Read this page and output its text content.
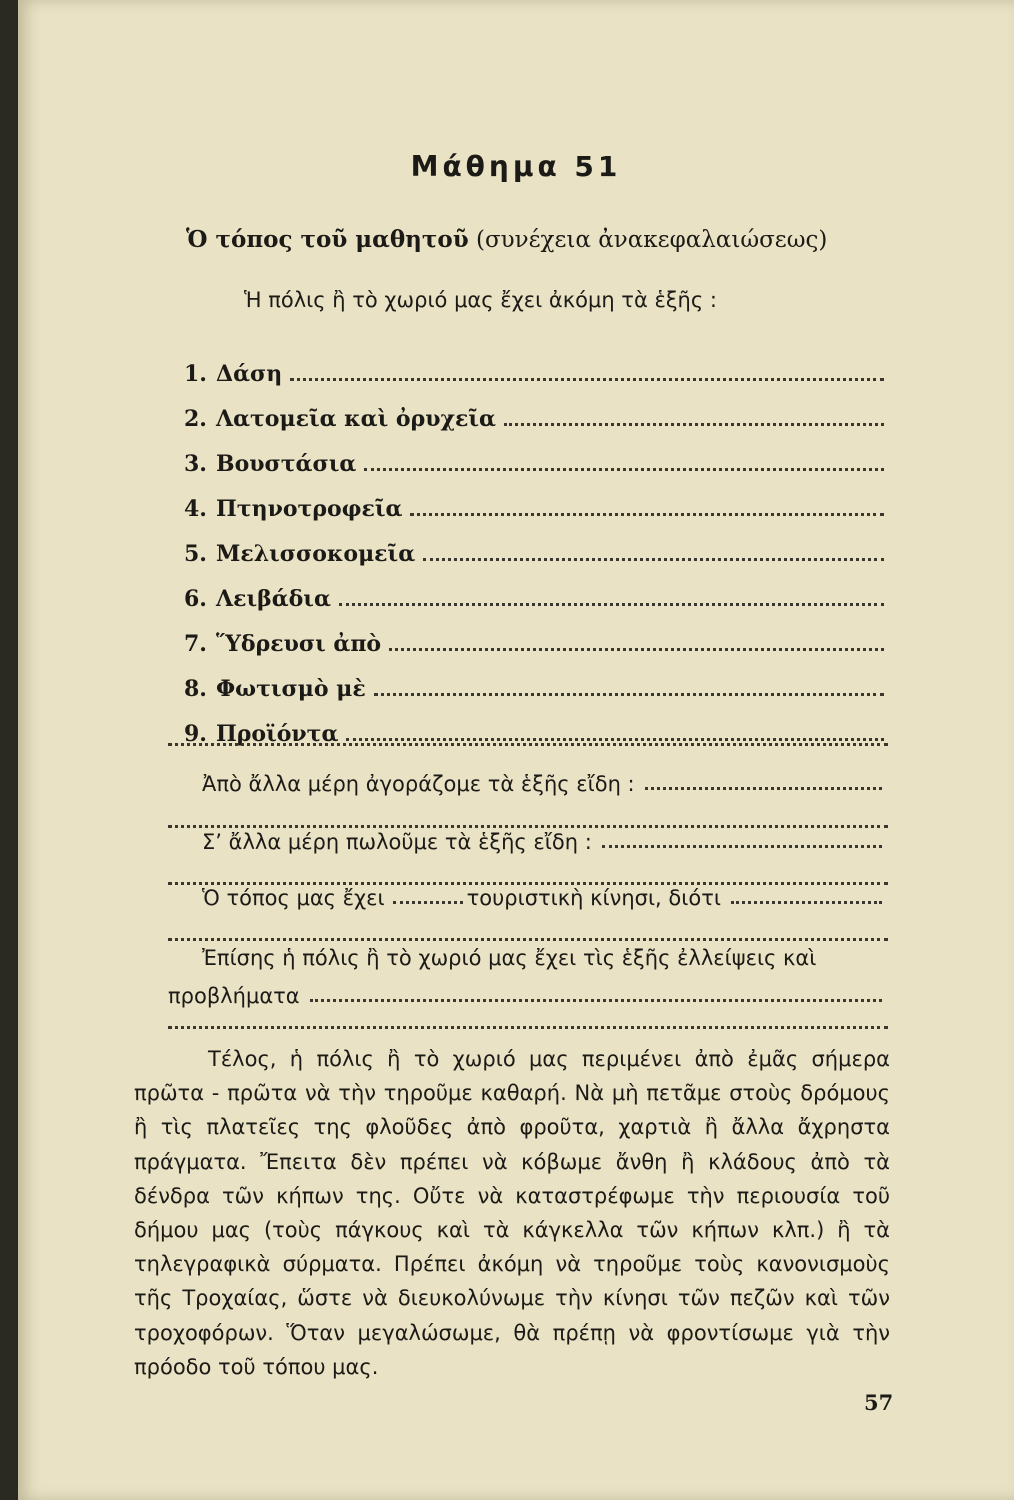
Μάθημα 51
Ὁ τόπος τοῦ μαθητοῦ (συνέχεια ἀνακεφαλαιώσεως)
Ἡ πόλις ἢ τὸ χωριό μας ἔχει ἀκόμη τὰ ἑξῆς :
1. Δάση
2. Λατομεῖα καὶ ὀρυχεῖα
3. Βουστάσια
4. Πτηνοτροφεῖα
5. Μελισσοκομεῖα
6. Λειβάδια
7. Ὕδρευσι ἀπὸ
8. Φωτισμὸ μὲ
9. Προϊόντα
Ἀπὸ ἄλλα μέρη ἀγοράζομε τὰ ἑξῆς εἴδη :
Σ’ ἄλλα μέρη πωλοῦμε τὰ ἑξῆς εἴδη :
Ὁ τόπος μας ἔχει	τουριστικὴ κίνησι, διότι
Ἐπίσης ἡ πόλις ἢ τὸ χωριό μας ἔχει τὶς ἑξῆς ἐλλείψεις καὶ
προβλήματα
Τέλος, ἡ πόλις ἢ τὸ χωριό μας περιμένει ἀπὸ ἐμᾶς σήμερα πρῶτα - πρῶτα νὰ τὴν τηροῦμε καθαρή. Νὰ μὴ πετᾶμε στοὺς δρόμους ἢ τὶς πλατεῖες της φλοῦδες ἀπὸ φροῦτα, χαρτιὰ ἢ ἄλλα ἄχρηστα πράγματα. Ἔπειτα δὲν πρέπει νὰ κόβωμε ἄνθη ἢ κλάδους ἀπὸ τὰ δένδρα τῶν κήπων της. Οὔτε νὰ καταστρέφωμε τὴν περιουσία τοῦ δήμου μας (τοὺς πάγκους καὶ τὰ κάγκελλα τῶν κήπων κλπ.) ἢ τὰ τηλεγραφικὰ σύρματα. Πρέπει ἀκόμη νὰ τηροῦμε τοὺς κανονισμοὺς τῆς Τροχαίας, ὥστε νὰ διευκολύνωμε τὴν κίνησι τῶν πεζῶν καὶ τῶν τροχοφόρων. Ὅταν μεγαλώσωμε, θὰ πρέπῃ νὰ φροντίσωμε γιὰ τὴν πρόοδο τοῦ τόπου μας.
57
